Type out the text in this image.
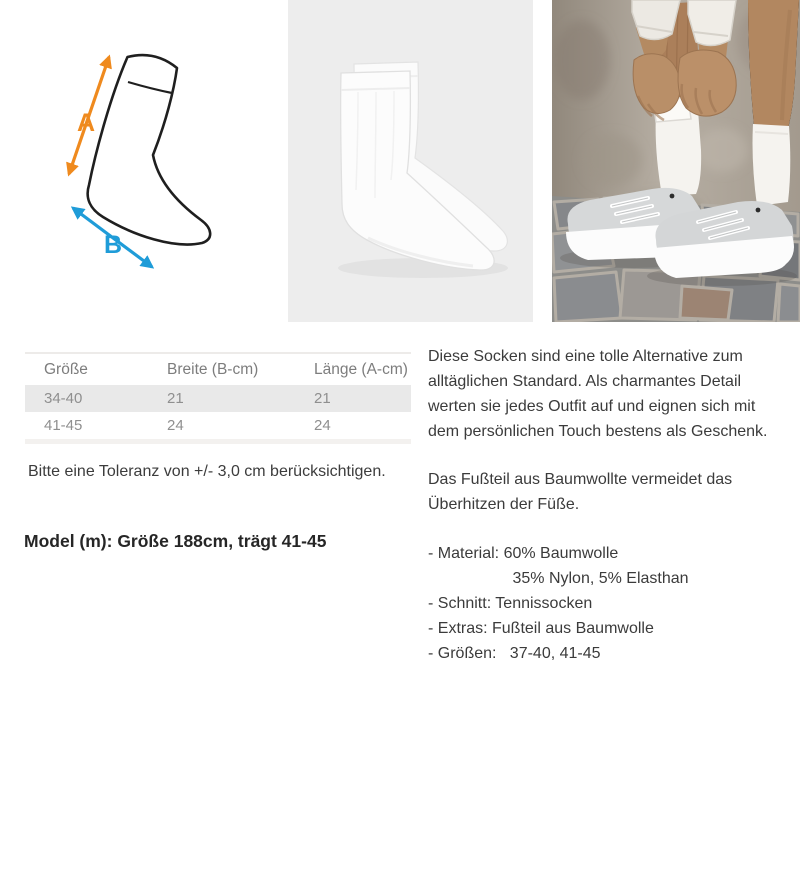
A
B
Größe	Breite (B-cm)	Länge (A-cm)
34-40	21	21
41-45	24	24
Bitte eine Toleranz von +/- 3,0 cm berücksichtigen.
Model (m): Größe 188cm, trägt 41-45

Diese Socken sind eine tolle Alternative zum alltäglichen Standard. Als charmantes Detail werten sie jedes Outfit auf und eignen sich mit dem persönlichen Touch bestens als Geschenk.

Das Fußteil aus Baumwollte vermeidet das Überhitzen der Füße.

- Material: 60% Baumwolle
35% Nylon, 5% Elasthan
- Schnitt: Tennissocken
- Extras: Fußteil aus Baumwolle
- Größen:   37-40, 41-45
